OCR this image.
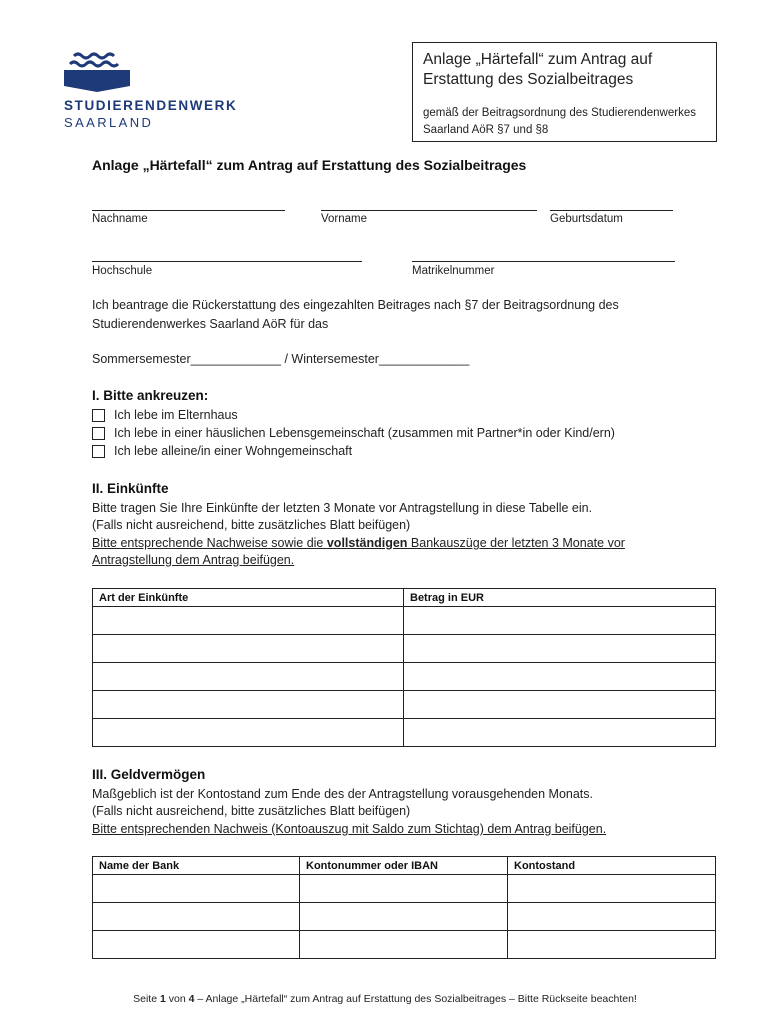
STUDIERENDENWERK
SAARLAND
Anlage „Härtefall“ zum Antrag auf Erstattung des Sozialbeitrages
gemäß der Beitragsordnung des Studierendenwerkes Saarland AöR §7 und §8
Anlage „Härtefall“ zum Antrag auf Erstattung des Sozialbeitrages
Nachname	Vorname	Geburtsdatum
Hochschule	Matrikelnummer
Ich beantrage die Rückerstattung des eingezahlten Beitrages nach §7 der Beitragsordnung des
Studierendenwerkes Saarland AöR für das
Sommersemester_____________ / Wintersemester_____________
I. Bitte ankreuzen:
Ich lebe im Elternhaus
Ich lebe in einer häuslichen Lebensgemeinschaft (zusammen mit Partner*in oder Kind/ern)
Ich lebe alleine/in einer Wohngemeinschaft
II. Einkünfte
Bitte tragen Sie Ihre Einkünfte der letzten 3 Monate vor Antragstellung in diese Tabelle ein.
(Falls nicht ausreichend, bitte zusätzliches Blatt beifügen)
Bitte entsprechende Nachweise sowie die vollständigen Bankauszüge der letzten 3 Monate vor
Antragstellung dem Antrag beifügen.
Art der Einkünfte	Betrag in EUR

III. Geldvermögen
Maßgeblich ist der Kontostand zum Ende des der Antragstellung vorausgehenden Monats.
(Falls nicht ausreichend, bitte zusätzliches Blatt beifügen)
Bitte entsprechenden Nachweis (Kontoauszug mit Saldo zum Stichtag) dem Antrag beifügen.
Name der Bank	Kontonummer oder IBAN	Kontostand

Seite 1 von 4 – Anlage „Härtefall“ zum Antrag auf Erstattung des Sozialbeitrages – Bitte Rückseite beachten!
